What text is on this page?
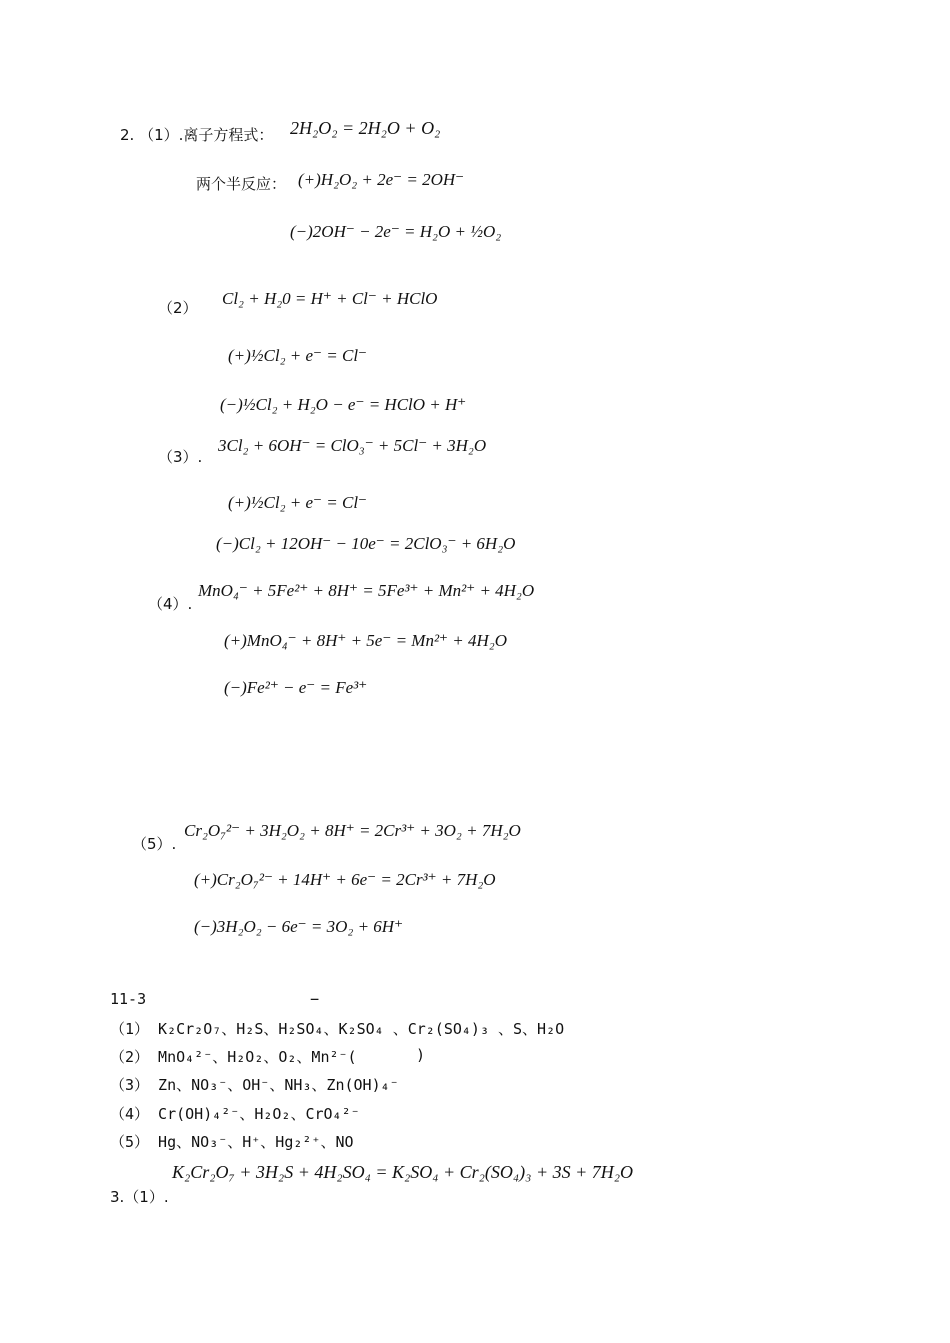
2. （1）.离子方程式： 2H₂O₂ = 2H₂O + O₂
两个半反应： (+)H₂O₂ + 2e⁻ = 2OH⁻
(−)2OH⁻ − 2e⁻ = H₂O + ½O₂
（2） Cl₂ + H₂0 = H⁺ + Cl⁻ + HClO
(+)½Cl₂ + e⁻ = Cl⁻
(−)½Cl₂ + H₂O − e⁻ = HClO + H⁺
（3）.
3Cl₂ + 6OH⁻ = ClO₃⁻ + 5Cl⁻ + 3H₂O
(+)½Cl₂ + e⁻ = Cl⁻
(−)Cl₂ + 12OH⁻ − 10e⁻ = 2ClO₃⁻ + 6H₂O
（4）.
MnO₄⁻ + 5Fe²⁺ + 8H⁺ = 5Fe³⁺ + Mn²⁺ + 4H₂O
(+)MnO₄⁻ + 8H⁺ + 5e⁻ = Mn²⁺ + 4H₂O
(−)Fe²⁺ − e⁻ = Fe³⁺
（5）.
Cr₂O₇²⁻ + 3H₂O₂ + 8H⁺ = 2Cr³⁺ + 3O₂ + 7H₂O
(+)Cr₂O₇²⁻ + 14H⁺ + 6e⁻ = 2Cr³⁺ + 7H₂O
(−)3H₂O₂ − 6e⁻ = 3O₂ + 6H⁺
11-3	−
（1） K₂Cr₂O₇、H₂S、H₂SO₄、K₂SO₄ 、Cr₂(SO₄)₃ 、S、H₂O
（2） MnO₄²⁻、H₂O₂、O₂、Mn²⁻(	)
（3） Zn、NO₃⁻、OH⁻、NH₃、Zn(OH)₄⁻
（4） Cr(OH)₄²⁻、H₂O₂、CrO₄²⁻
（5） Hg、NO₃⁻、H⁺、Hg₂²⁺、NO
K₂Cr₂O₇ + 3H₂S + 4H₂SO₄ = K₂SO₄ + Cr₂(SO₄)₃ + 3S + 7H₂O
3.（1）.
